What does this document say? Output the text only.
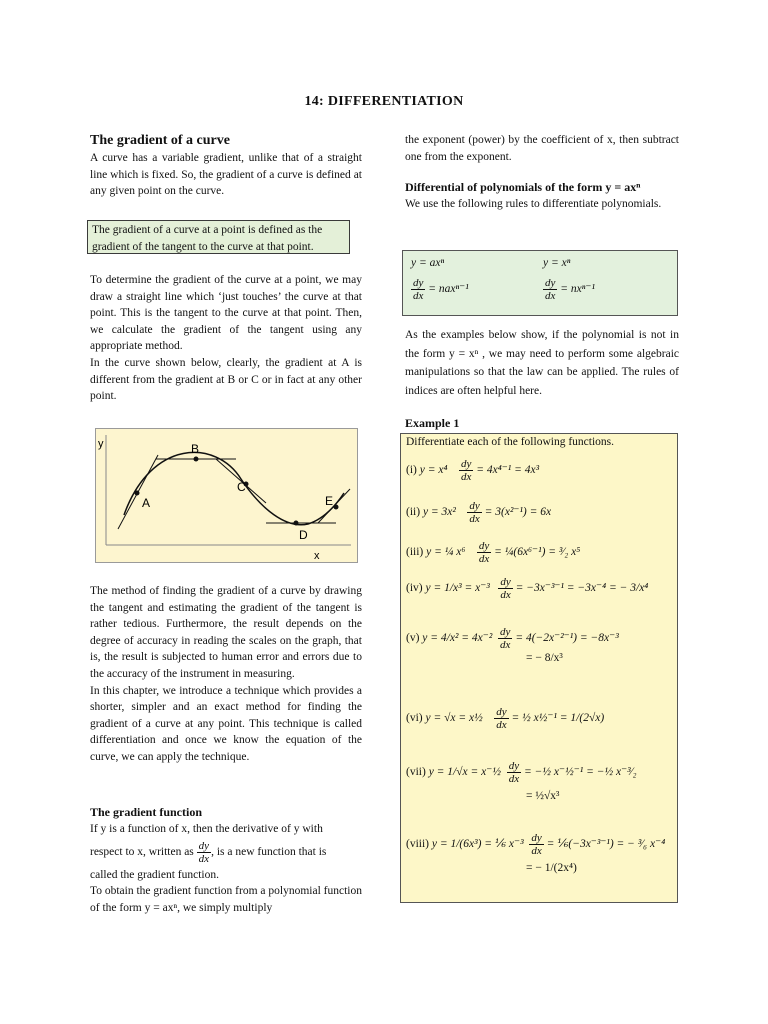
14: DIFFERENTIATION
The gradient of a curve

A curve has a variable gradient, unlike that of a straight line which is fixed. So, the gradient of a curve is defined at any given point on the curve.

The gradient of a curve at a point is defined as the gradient of the tangent to the curve at that point.

To determine the gradient of the curve at a point, we may draw a straight line which ‘just touches’ the curve at that point. This is the tangent to the curve at that point. Then, we calculate the gradient of the tangent using any appropriate method.

In the curve shown below, clearly, the gradient at A is different from the gradient at B or C or in fact at any other point.

y
x
A
B
C
D
E

The method of finding the gradient of a curve by drawing the tangent and estimating the gradient of the tangent is rather tedious. Furthermore, the result depends on the degree of accuracy in reading the scales on the graph, that is, the result is subjected to human error and errors due to the accuracy of the instrument in measuring.

In this chapter, we introduce a technique which provides a shorter, simpler and an exact method for finding the gradient of a curve at any point. This technique is called differentiation and once we know the equation of the curve, we can apply the technique.

The gradient function

If y is a function of x, then the derivative of y with

respect to x, written as $\frac{dy}{dx}$ , is a new function that is

called the gradient function.

To obtain the gradient function from a polynomial function of the form y = axⁿ, we simply multiply

the exponent (power) by the coefficient of x, then subtract one from the exponent.

Differential of polynomials of the form y = axⁿ

We use the following rules to differentiate polynomials.

y = axⁿ	y = xⁿ
$\frac{dy}{dx} = nax^{n-1}$	$\frac{dy}{dx} = nx^{n-1}$
As the examples below show, if the polynomial is not in the form y = xⁿ , we may need to perform some algebraic manipulations so that the law can be applied. The rules of indices are often helpful here.
Example 1
Differentiate each of the following functions.
(i) $y = x^4 \frac{dy}{dx} = 4x^{4-1} = 4x^3$
(ii) $y = 3x^2 \frac{dy}{dx} = 3(x^{2-1}) = 6x$
(iii) y = ¼ $x^6 \frac{dy}{dx}$ = ¼(6x⁶⁻¹) = ³⁄₂ x⁵
(iv) $y = 1/x^3 = x^{-3} \frac{dy}{dx} = -3x^{-3-1} = -3x^{-4}$ = − 3/x⁴
(v) $y = 4/x^2 = 4x^{-2} \frac{dy}{dx} = 4(-2x^{-2-1}) = -8x^{-3}$
= − 8/x³
(vi) y = √x = x½ $\frac{dy}{dx}$ = ½ x½⁻¹ = 1/(2√x)
(vii) y = 1/√x = x⁻½ $\frac{dy}{dx}$ = −½ x⁻½⁻¹ = −½ x⁻³⁄₂
= ½√x³
(viii) y = 1/(6x³) = ⅙ $x^{-3} \frac{dy}{dx}$ = ⅙(−3x⁻³⁻¹) = − ³⁄₆ x⁻⁴
= − 1/(2x⁴)
